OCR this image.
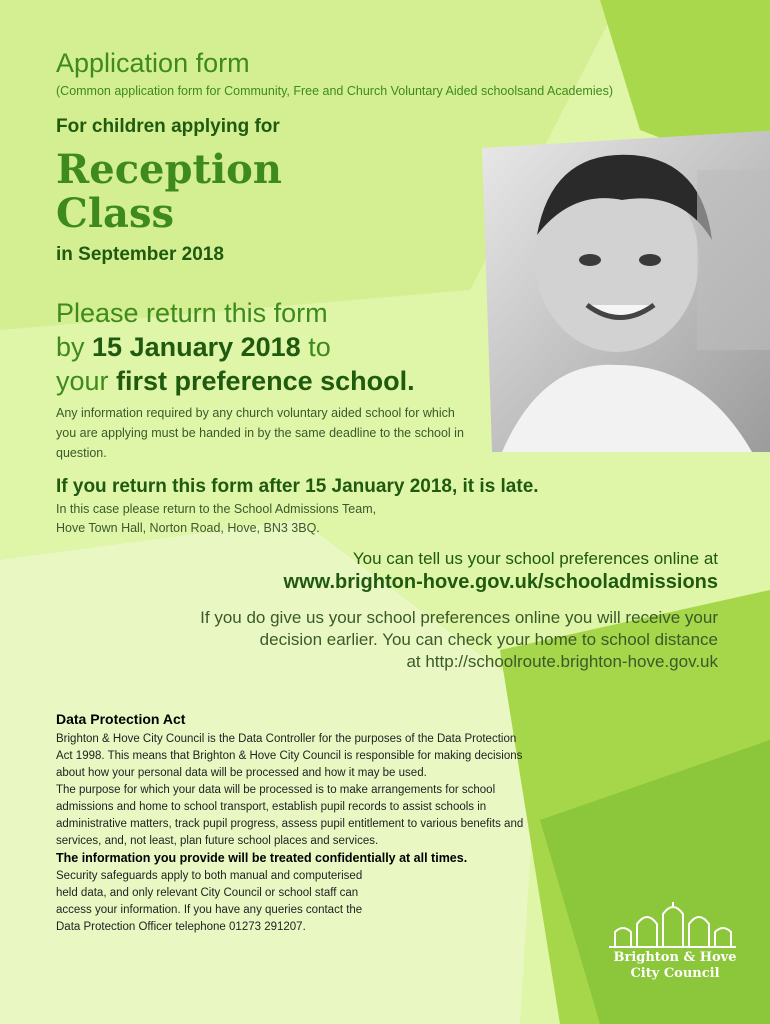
Application form
(Common application form for Community, Free and Church Voluntary Aided schoolsand Academies)
For children applying for
Reception
Class
in September 2018
Please return this form
by 15 January 2018 to
your first preference school.
Any information required by any church voluntary aided school for which you are applying must be handed in by the same deadline to the school in question.
If you return this form after 15 January 2018, it is late.
In this case please return to the School Admissions Team,
Hove Town Hall, Norton Road, Hove, BN3 3BQ.
You can tell us your school preferences online at
www.brighton-hove.gov.uk/schooladmissions
If you do give us your school preferences online you will receive your
decision earlier. You can check your home to school distance
at http://schoolroute.brighton-hove.gov.uk
Data Protection Act
Brighton & Hove City Council is the Data Controller for the purposes of the Data Protection Act 1998. This means that Brighton & Hove City Council is responsible for making decisions about how your personal data will be processed and how it may be used.
The purpose for which your data will be processed is to make arrangements for school admissions and home to school transport, establish pupil records to assist schools in administrative matters, track pupil progress, assess pupil entitlement to various benefits and services, and, not least, plan future school places and services.
The information you provide will be treated confidentially at all times.
Security safeguards apply to both manual and computerised held data, and only relevant City Council or school staff can access your information. If you have any queries contact the Data Protection Officer telephone 01273 291207.
Brighton & Hove
City Council
